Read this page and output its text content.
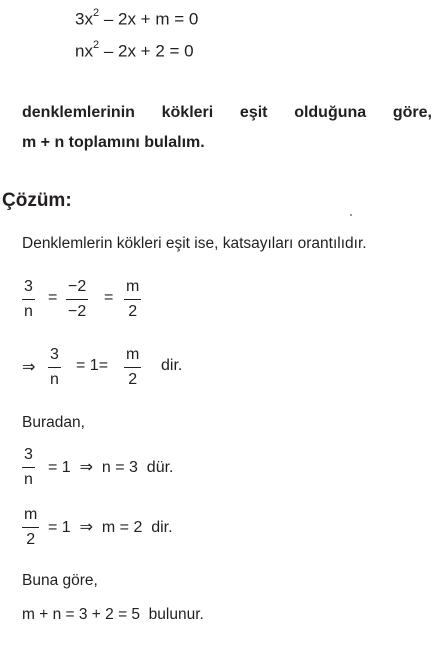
$3x^2 - 2x + m = 0$
$nx^2 - 2x + 2 = 0$
denklemlerinin köklerі eşit olduğuna göre,
m + n toplamını bulalım.
Çözüm:
Denklemlerin kökleri eşit ise, katsayıları orantılıdır.
3
n
=
−2
−2
=
m
2
⇒
3
n
= 1=
m
2
dir.
Buradan,
3
n
= 1  ⇒  n = 3  dür.
m
2
= 1  ⇒  m = 2  dir.
Buna göre,
m + n = 3 + 2 = 5  bulunur.
